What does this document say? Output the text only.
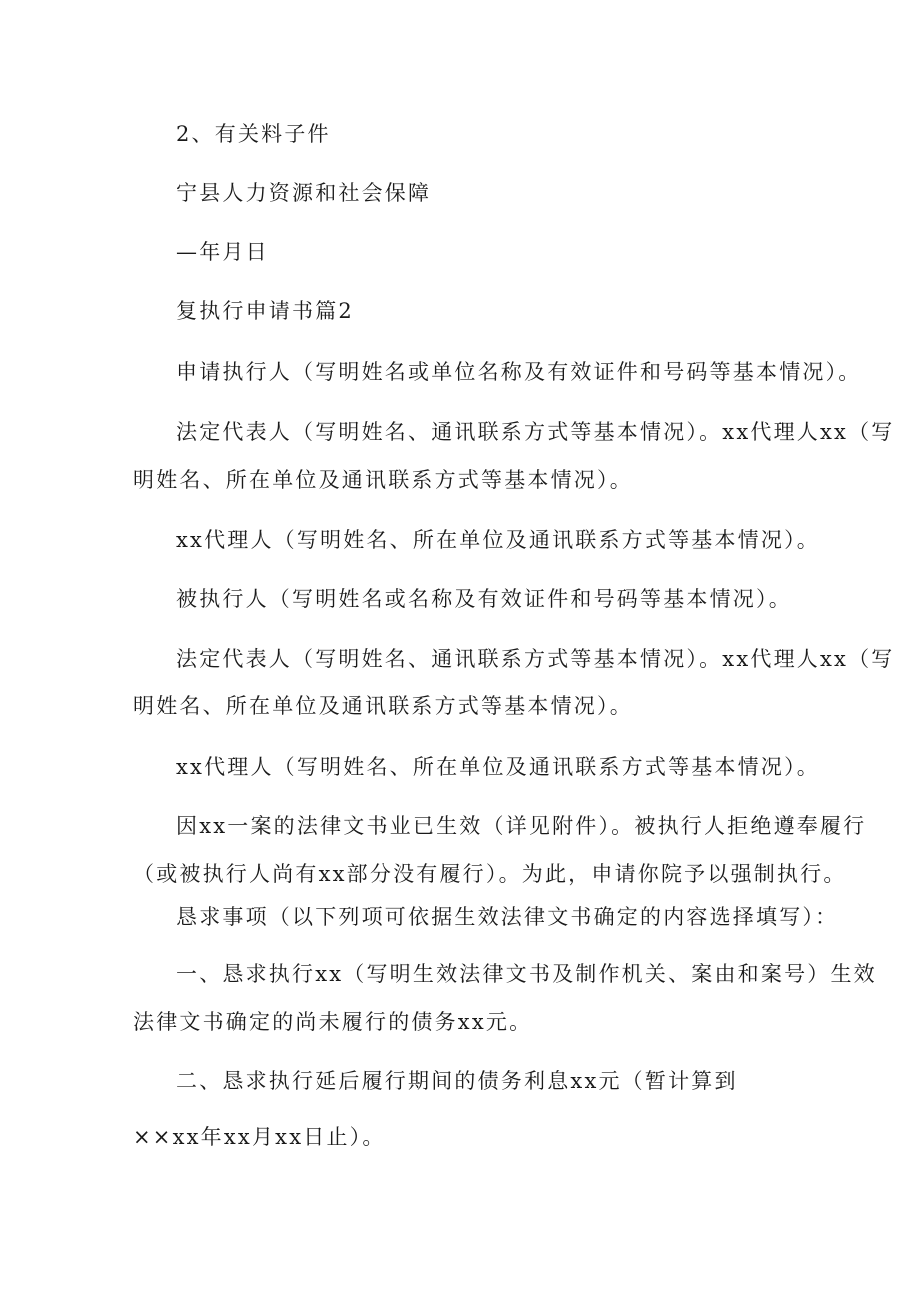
2、有关料子件
宁县人力资源和社会保障
—年月日
复执行申请书篇2
申请执行人（写明姓名或单位名称及有效证件和号码等基本情况）。
法定代表人（写明姓名、通讯联系方式等基本情况）。xx代理人xx（写
明姓名、所在单位及通讯联系方式等基本情况）。
xx代理人（写明姓名、所在单位及通讯联系方式等基本情况）。
被执行人（写明姓名或名称及有效证件和号码等基本情况）。
法定代表人（写明姓名、通讯联系方式等基本情况）。xx代理人xx（写
明姓名、所在单位及通讯联系方式等基本情况）。
xx代理人（写明姓名、所在单位及通讯联系方式等基本情况）。
因xx一案的法律文书业已生效（详见附件）。被执行人拒绝遵奉履行
（或被执行人尚有xx部分没有履行）。为此，申请你院予以强制执行。
恳求事项（以下列项可依据生效法律文书确定的内容选择填写）：
一、恳求执行xx（写明生效法律文书及制作机关、案由和案号）生效
法律文书确定的尚未履行的债务xx元。
二、恳求执行延后履行期间的债务利息xx元（暂计算到
××xx年xx月xx日止）。
